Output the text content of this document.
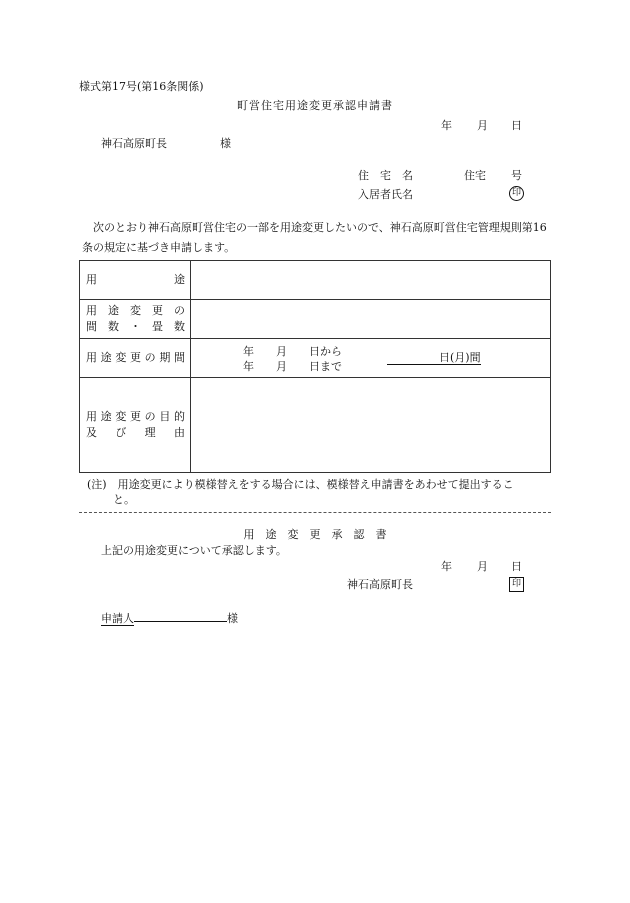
様式第17号(第16条関係)
町営住宅用途変更承認申請書
年 月 日
神石高原町長	様
住　宅　名	住宅 号
入居者氏名	印
次のとおり神石高原町営住宅の一部を用途変更したいので、神石高原町営住宅管理規則第16条の規定に基づき申請します。
用途	

用途変更の
間数・畳数	

用途変更の期間	年　　月　　日から
年　　月　　日まで
日(月)間

用途変更の目的
及び理由	

(注)　用途変更により模様替えをする場合には、模様替え申請書をあわせて提出するこ
と。
用　途　変　更　承　認　書
上記の用途変更について承認します。
年 月 日
神石高原町長	印
申請人	様
